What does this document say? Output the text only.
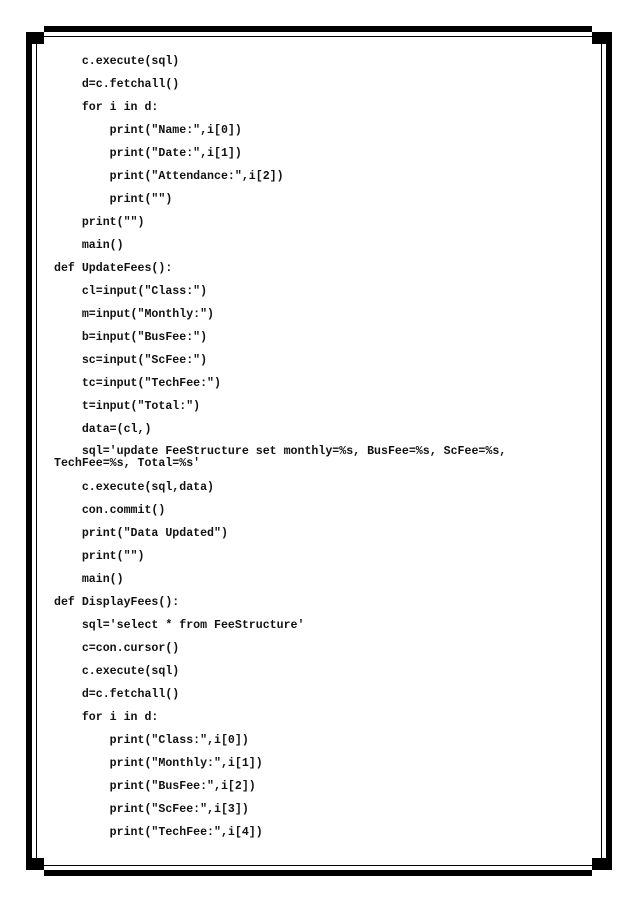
c.execute(sql)
d=c.fetchall()
for i in d:
print("Name:",i[0])
print("Date:",i[1])
print("Attendance:",i[2])
print("")
print("")
main()
def UpdateFees():
cl=input("Class:")
m=input("Monthly:")
b=input("BusFee:")
sc=input("ScFee:")
tc=input("TechFee:")
t=input("Total:")
data=(cl,)
sql='update FeeStructure set monthly=%s, BusFee=%s, ScFee=%s,
TechFee=%s, Total=%s'
c.execute(sql,data)
con.commit()
print("Data Updated")
print("")
main()
def DisplayFees():
sql='select * from FeeStructure'
c=con.cursor()
c.execute(sql)
d=c.fetchall()
for i in d:
print("Class:",i[0])
print("Monthly:",i[1])
print("BusFee:",i[2])
print("ScFee:",i[3])
print("TechFee:",i[4])
